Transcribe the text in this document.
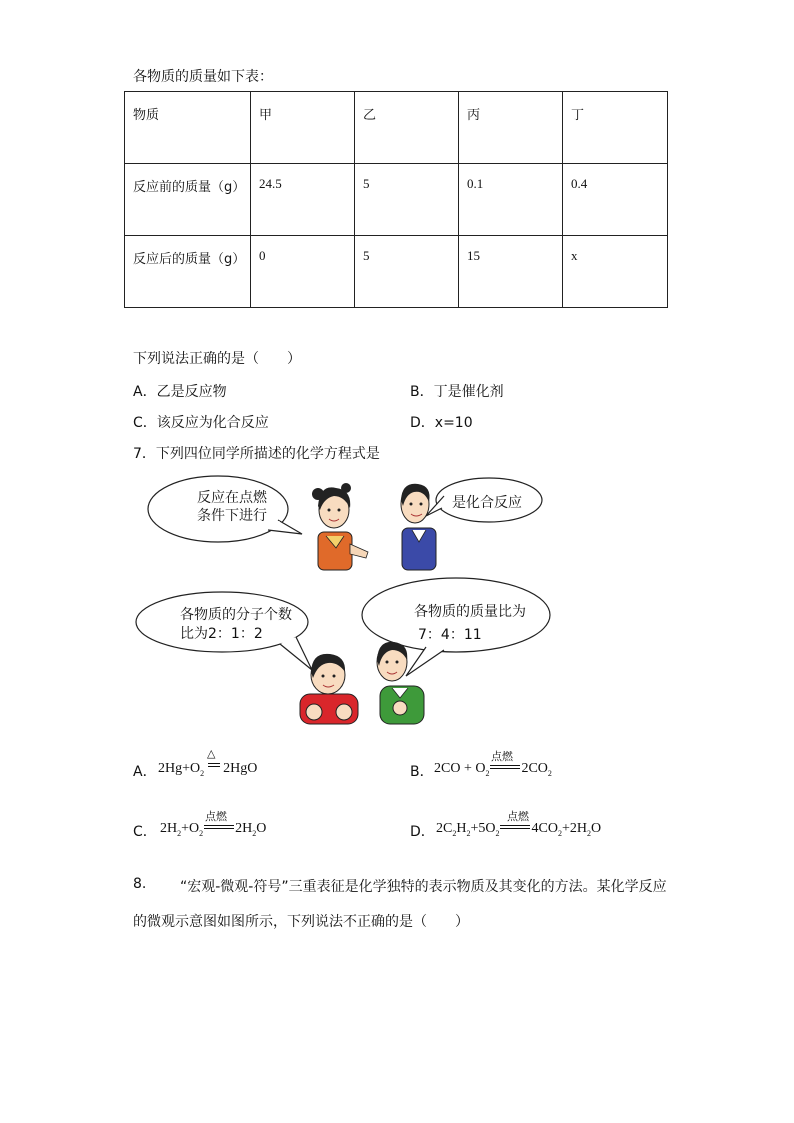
各物质的质量如下表：
物质	甲	乙	丙	丁
反应前的质量（g）	24.5	5	0.1	0.4
反应后的质量（g）	0	5	15	x
下列说法正确的是（　　）
A．乙是反应物	B．丁是催化剂
C．该反应为化合反应	D．x=10
7．下列四位同学所描述的化学方程式是
反应在点燃
条件下进行
是化合反应
各物质的分子个数
比为2：1：2
各物质的质量比为
7：4：11
A． $2Hg+O_2$
2HgO
△
B． $2CO + O_2$ $2CO_2$
点燃
C． $2H_2+O_2$ $2H_2O$
点燃
D． $2C_2H_2+5O_2$ $4CO_2+2H_2O$
点燃
8. “宏观-微观-符号”三重表征是化学独特的表示物质及其变化的方法。某化学反应
的微观示意图如图所示，下列说法不正确的是（　　）
